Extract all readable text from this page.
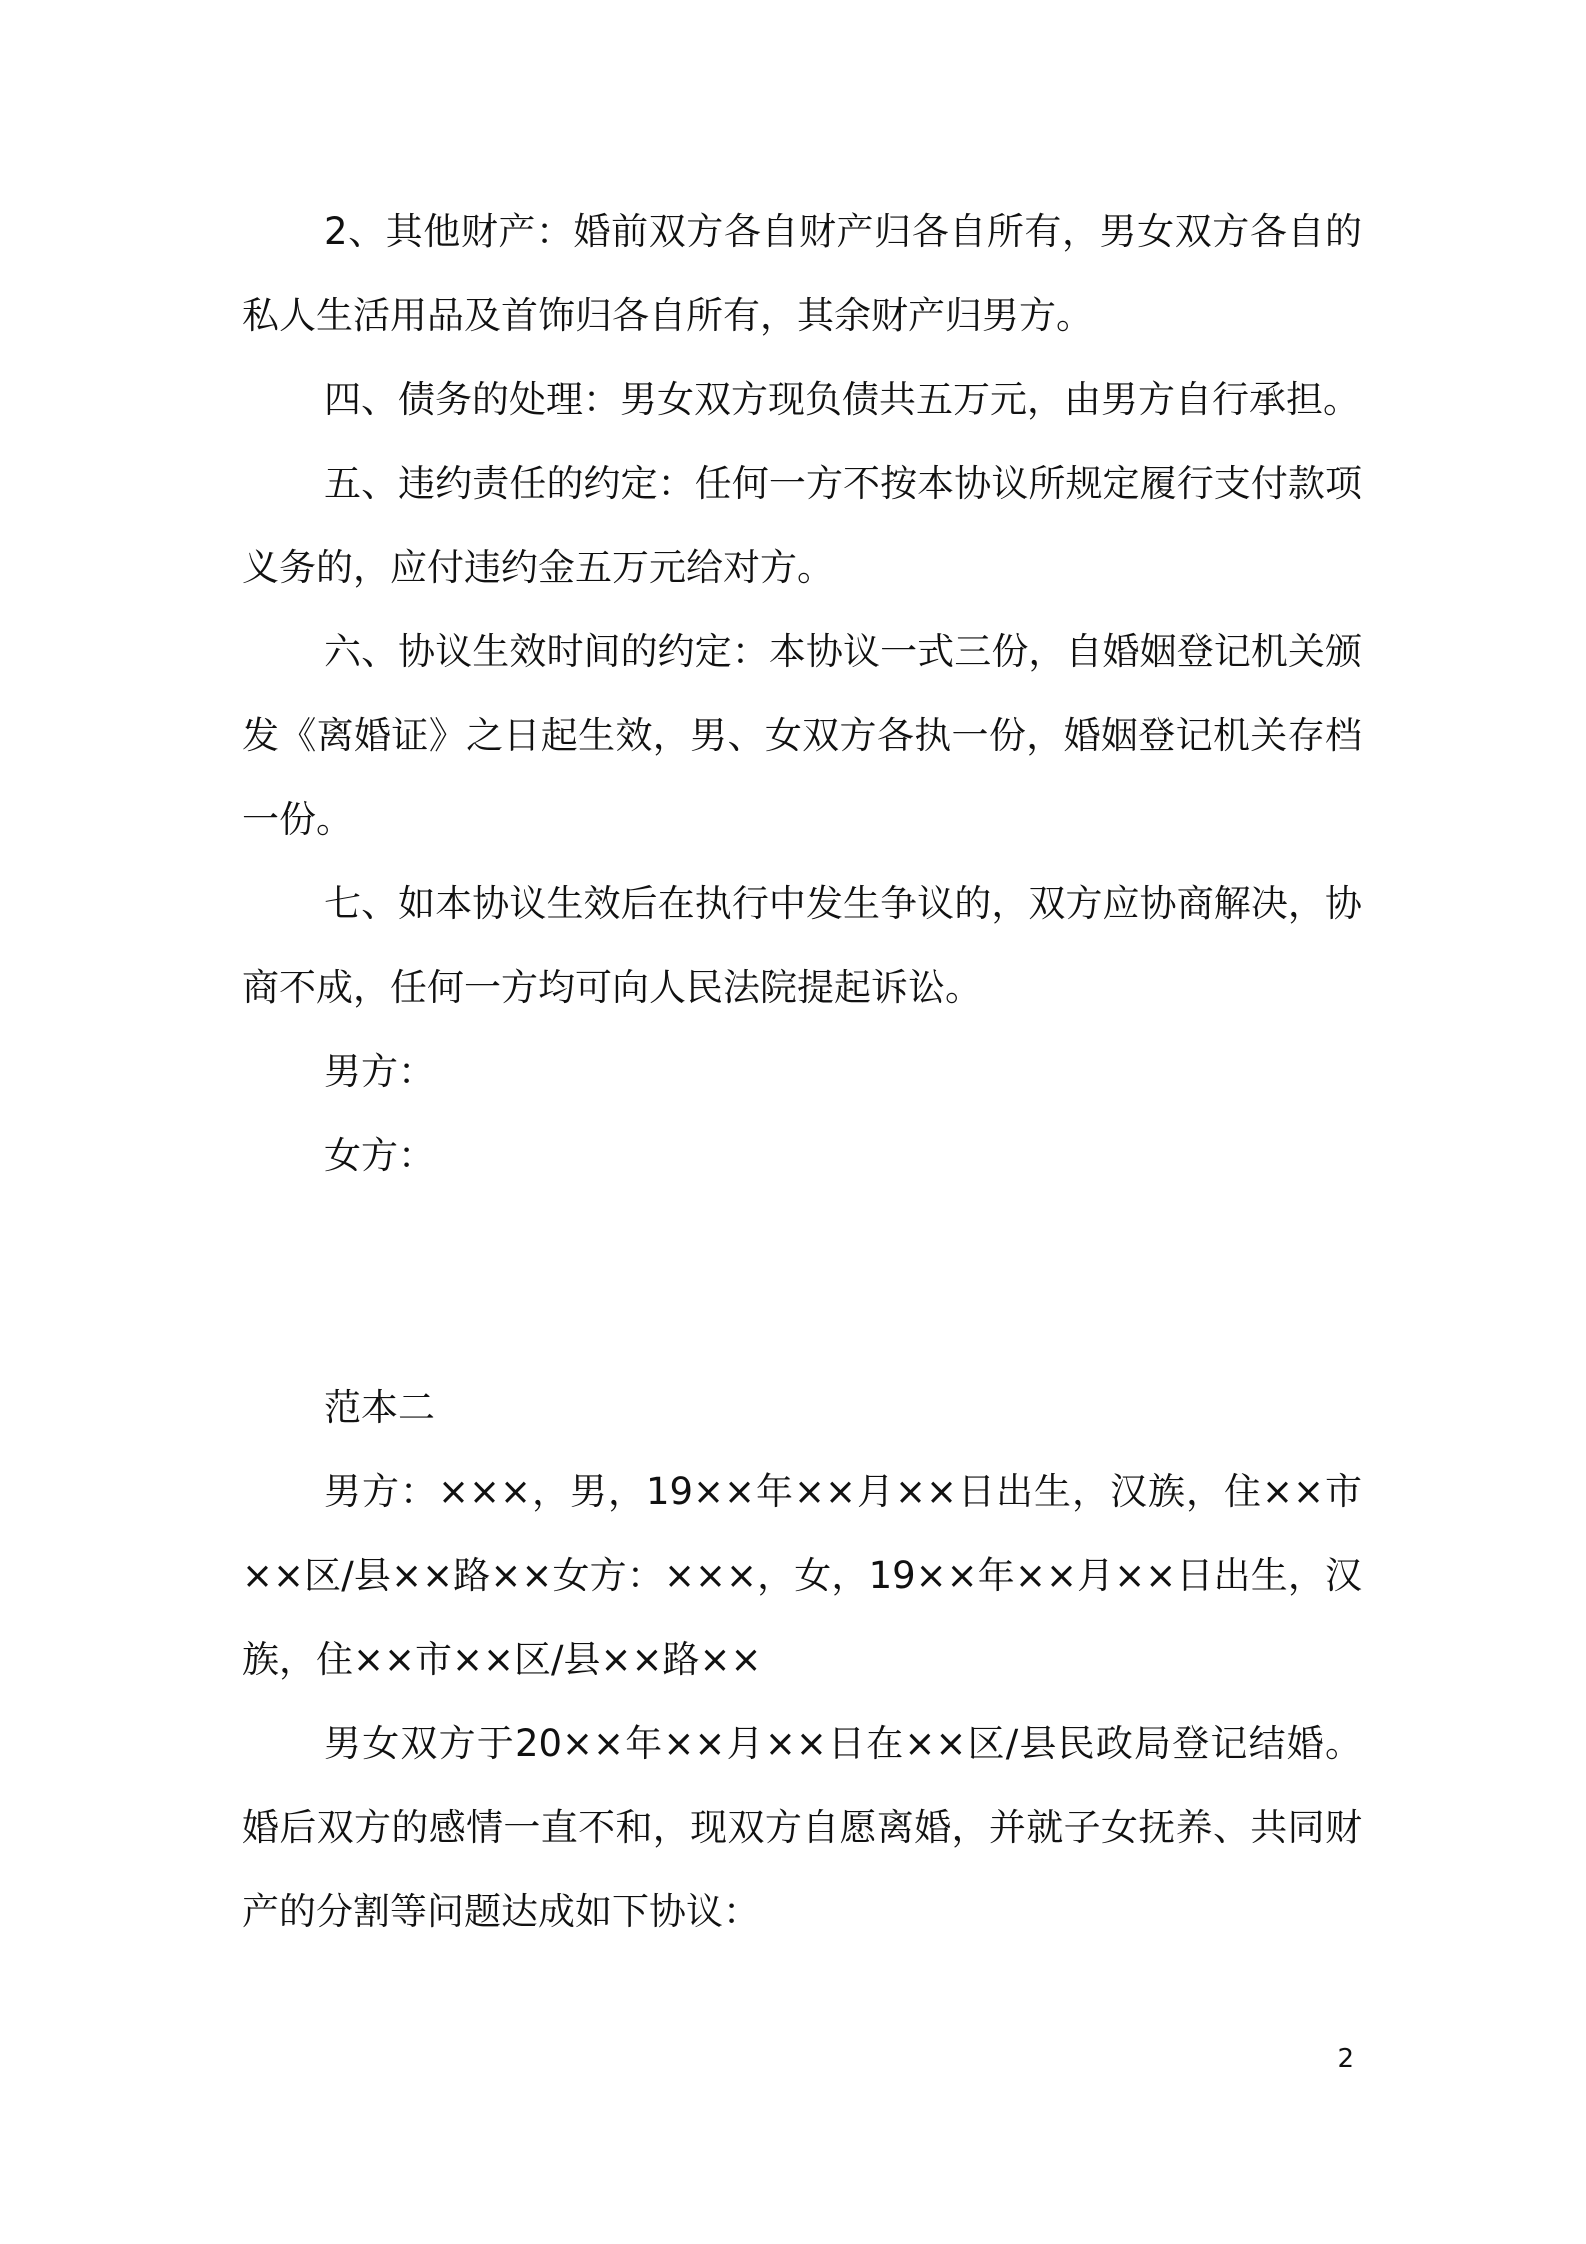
2、其他财产：婚前双方各自财产归各自所有，男女双方各自的私人生活用品及首饰归各自所有，其余财产归男方。

四、债务的处理：男女双方现负债共五万元，由男方自行承担。

五、违约责任的约定：任何一方不按本协议所规定履行支付款项义务的，应付违约金五万元给对方。

六、协议生效时间的约定：本协议一式三份，自婚姻登记机关颁发《离婚证》之日起生效，男、女双方各执一份，婚姻登记机关存档一份。

七、如本协议生效后在执行中发生争议的，双方应协商解决，协商不成，任何一方均可向人民法院提起诉讼。

男方：

女方：

范本二

男方：×××，男，19××年××月××日出生，汉族，住××市××区/县××路××女方：×××，女，19××年××月××日出生，汉族，住××市××区/县××路××

男女双方于20××年××月××日在××区/县民政局登记结婚。婚后双方的感情一直不和，现双方自愿离婚，并就子女抚养、共同财产的分割等问题达成如下协议：

2
